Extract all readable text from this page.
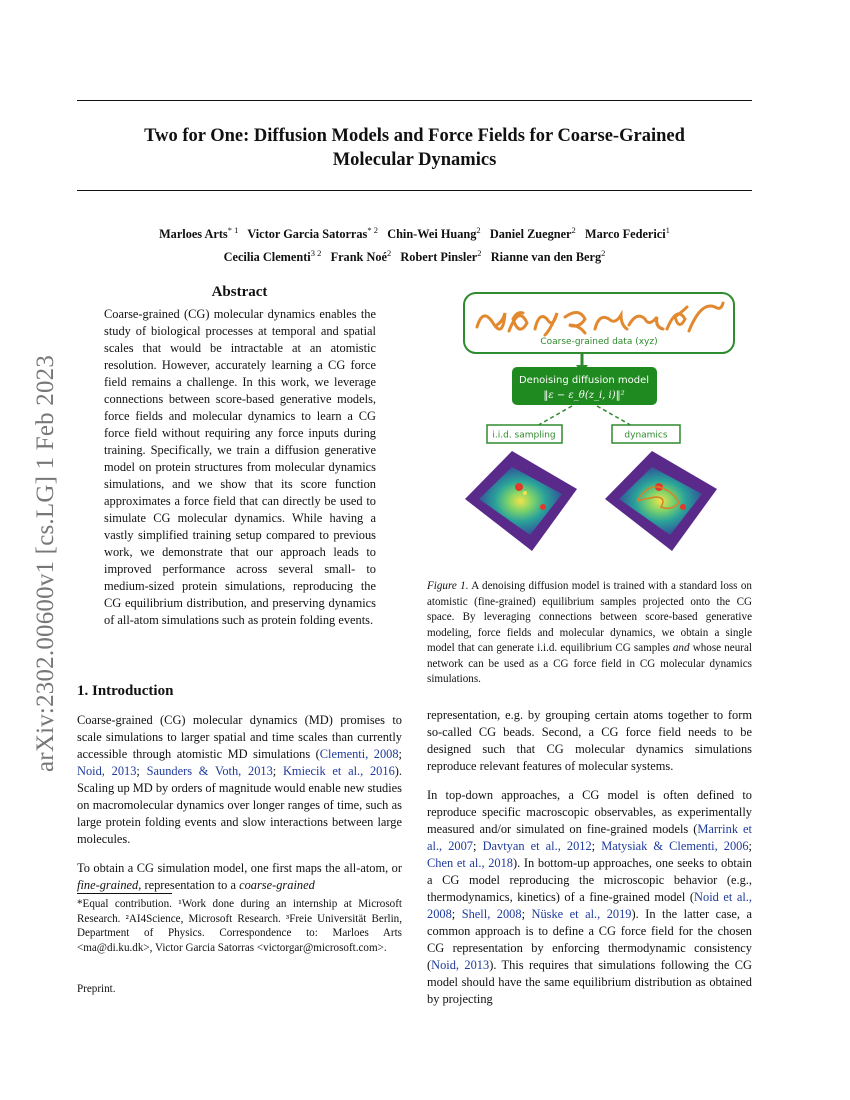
Two for One: Diffusion Models and Force Fields for Coarse-Grained
Molecular Dynamics
Marloes Arts$^{* 1}$ Victor Garcia Satorras$^{* 2}$ Chin-Wei Huang$^2$ Daniel Zuegner$^2$ Marco Federici$^1$
Cecilia Clementi$^{3 2}$ Frank Noé$^2$ Robert Pinsler$^2$ Rianne van den Berg$^2$
arXiv:2302.00600v1 [cs.LG] 1 Feb 2023
Abstract
Coarse-grained (CG) molecular dynamics enables the study of biological processes at temporal and spatial scales that would be intractable at an atomistic resolution. However, accurately learning a CG force field remains a challenge. In this work, we leverage connections between score-based generative models, force fields and molecular dynamics to learn a CG force field without requiring any force inputs during training. Specifically, we train a diffusion generative model on protein structures from molecular dynamics simulations, and we show that its score function approximates a force field that can directly be used to simulate CG molecular dynamics. While having a vastly simplified training setup compared to previous work, we demonstrate that our approach leads to improved performance across several small- to medium-sized protein simulations, reproducing the CG equilibrium distribution, and preserving dynamics of all-atom simulations such as protein folding events.
1. Introduction

Coarse-grained (CG) molecular dynamics (MD) promises to scale simulations to larger spatial and time scales than currently accessible through atomistic MD simulations (Clementi, 2008; Noid, 2013; Saunders & Voth, 2013; Kmiecik et al., 2016). Scaling up MD by orders of magnitude would enable new studies on macromolecular dynamics over longer ranges of time, such as large protein folding events and slow interactions between large molecules.

To obtain a CG simulation model, one first maps the all-atom, or fine-grained, representation to a coarse-grained

*Equal contribution. ¹Work done during an internship at Microsoft Research. ²AI4Science, Microsoft Research. ³Freie Universität Berlin, Department of Physics. Correspondence to: Marloes Arts <ma@di.ku.dk>, Victor Garcia Satorras <victorgar@microsoft.com>.
Preprint.
Coarse-grained data (xyz)
Denoising diffusion model
‖ε − ε_θ(z_i, i)‖²
i.i.d. sampling	dynamics
Figure 1. A denoising diffusion model is trained with a standard loss on atomistic (fine-grained) equilibrium samples projected onto the CG space. By leveraging connections between score-based generative modeling, force fields and molecular dynamics, we obtain a single model that can generate i.i.d. equilibrium CG samples and whose neural network can be used as a CG force field in CG molecular dynamics simulations.

representation, e.g. by grouping certain atoms together to form so-called CG beads. Second, a CG force field needs to be designed such that CG molecular dynamics simulations reproduce relevant features of molecular systems.

In top-down approaches, a CG model is often defined to reproduce specific macroscopic observables, as experimentally measured and/or simulated on fine-grained models (Marrink et al., 2007; Davtyan et al., 2012; Matysiak & Clementi, 2006; Chen et al., 2018). In bottom-up approaches, one seeks to obtain a CG model reproducing the microscopic behavior (e.g., thermodynamics, kinetics) of a fine-grained model (Noid et al., 2008; Shell, 2008; Nüske et al., 2019). In the latter case, a common approach is to define a CG force field for the chosen CG representation by enforcing thermodynamic consistency (Noid, 2013). This requires that simulations following the CG model should have the same equilibrium distribution as obtained by projecting
